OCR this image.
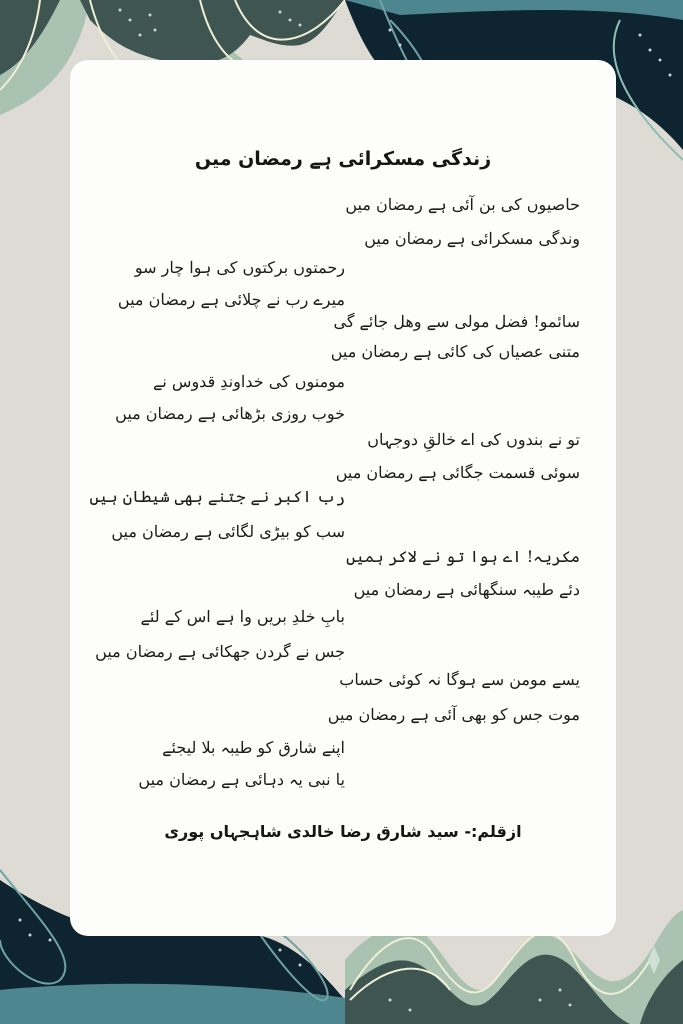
زندگی مسکرائی ہے رمضان میں
حاصیوں کی بن آئی ہے رمضان میں
وندگی مسکرائی ہے رمضان میں
رحمتوں برکتوں کی ہوا چار سو
میرے رب نے چلائی ہے رمضان میں
سائمو! فضل مولی سے وھل جائے گی
متنی عصیاں کی کائی ہے رمضان میں
مومنوں کی خداوندِ قدوس نے
خوب روزی بڑھائی ہے رمضان میں
تو نے بندوں کی اے خالقِ دوجہاں
سوئی قسمت جگائی ہے رمضان میں
رب اکبر نے جتنے بھی شیطان ہیں
سب کو بیڑی لگائی ہے رمضان میں
مکریہ! اے ہوا تو نے لاکر ہمیں
دئے طیبہ سنگھائی ہے رمضان میں
بابِ خلدِ بریں وا ہے اس کے لئے
جس نے گردن جھکائی ہے رمضان میں
یسے مومن سے ہوگا نہ کوئی حساب
موت جس کو بھی آئی ہے رمضان میں
اپنے شارق کو طیبہ بلا لیجئے
یا نبی یہ دہائی ہے رمضان میں
ازقلم:- سید شارق رضا خالدی شاہجہاں پوری
